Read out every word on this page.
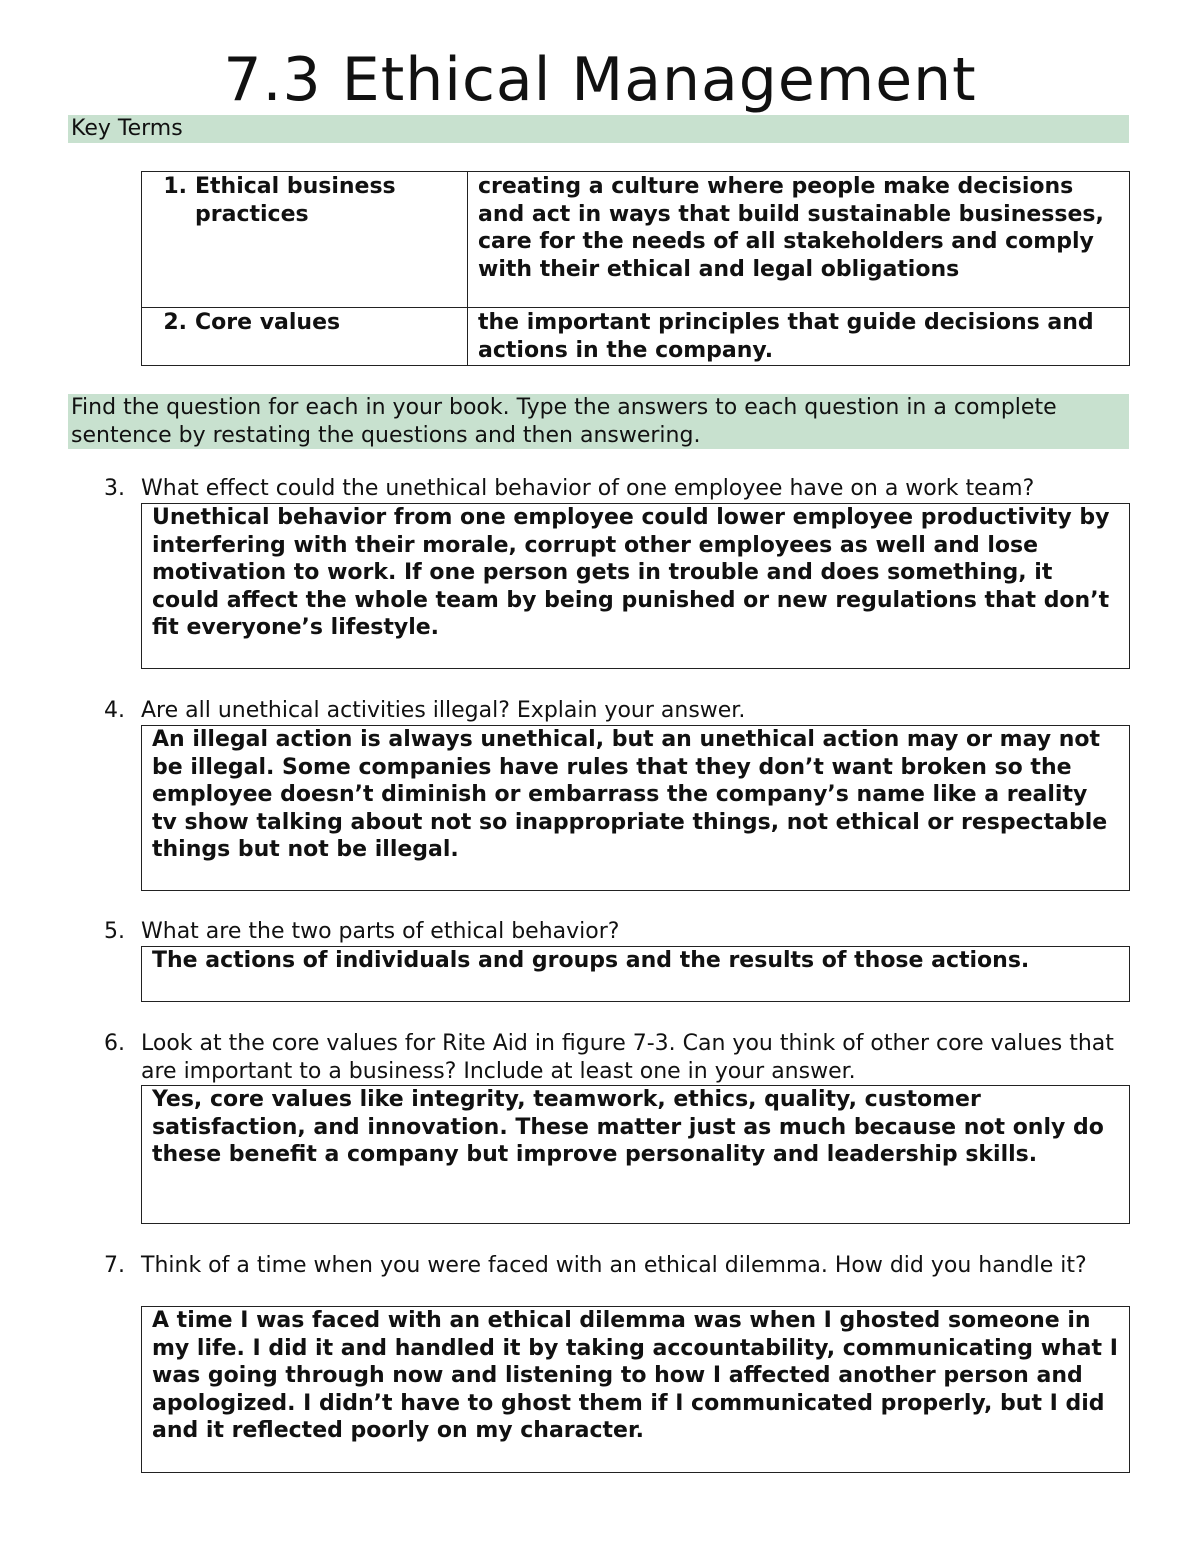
7.3 Ethical Management
Key Terms
1. Ethical business practices	creating a culture where people make decisions and act in ways that build sustainable businesses, care for the needs of all stakeholders and comply with their ethical and legal obligations

2. Core values	the important principles that guide decisions and actions in the company.
Find the question for each in your book. Type the answers to each question in a complete sentence by restating the questions and then answering.
3. What effect could the unethical behavior of one employee have on a work team?
Unethical behavior from one employee could lower employee productivity by interfering with their morale, corrupt other employees as well and lose motivation to work. If one person gets in trouble and does something, it could affect the whole team by being punished or new regulations that don’t fit everyone’s lifestyle.
4. Are all unethical activities illegal? Explain your answer.
An illegal action is always unethical, but an unethical action may or may not be illegal. Some companies have rules that they don’t want broken so the employee doesn’t diminish or embarrass the company’s name like a reality tv show talking about not so inappropriate things, not ethical or respectable things but not be illegal.
5. What are the two parts of ethical behavior?
The actions of individuals and groups and the results of those actions.
6. Look at the core values for Rite Aid in figure 7-3. Can you think of other core values that are important to a business? Include at least one in your answer.
Yes, core values like integrity, teamwork, ethics, quality, customer satisfaction, and innovation. These matter just as much because not only do these benefit a company but improve personality and leadership skills.
7. Think of a time when you were faced with an ethical dilemma. How did you handle it?
A time I was faced with an ethical dilemma was when I ghosted someone in my life. I did it and handled it by taking accountability, communicating what I was going through now and listening to how I affected another person and apologized. I didn’t have to ghost them if I communicated properly, but I did and it reflected poorly on my character.
